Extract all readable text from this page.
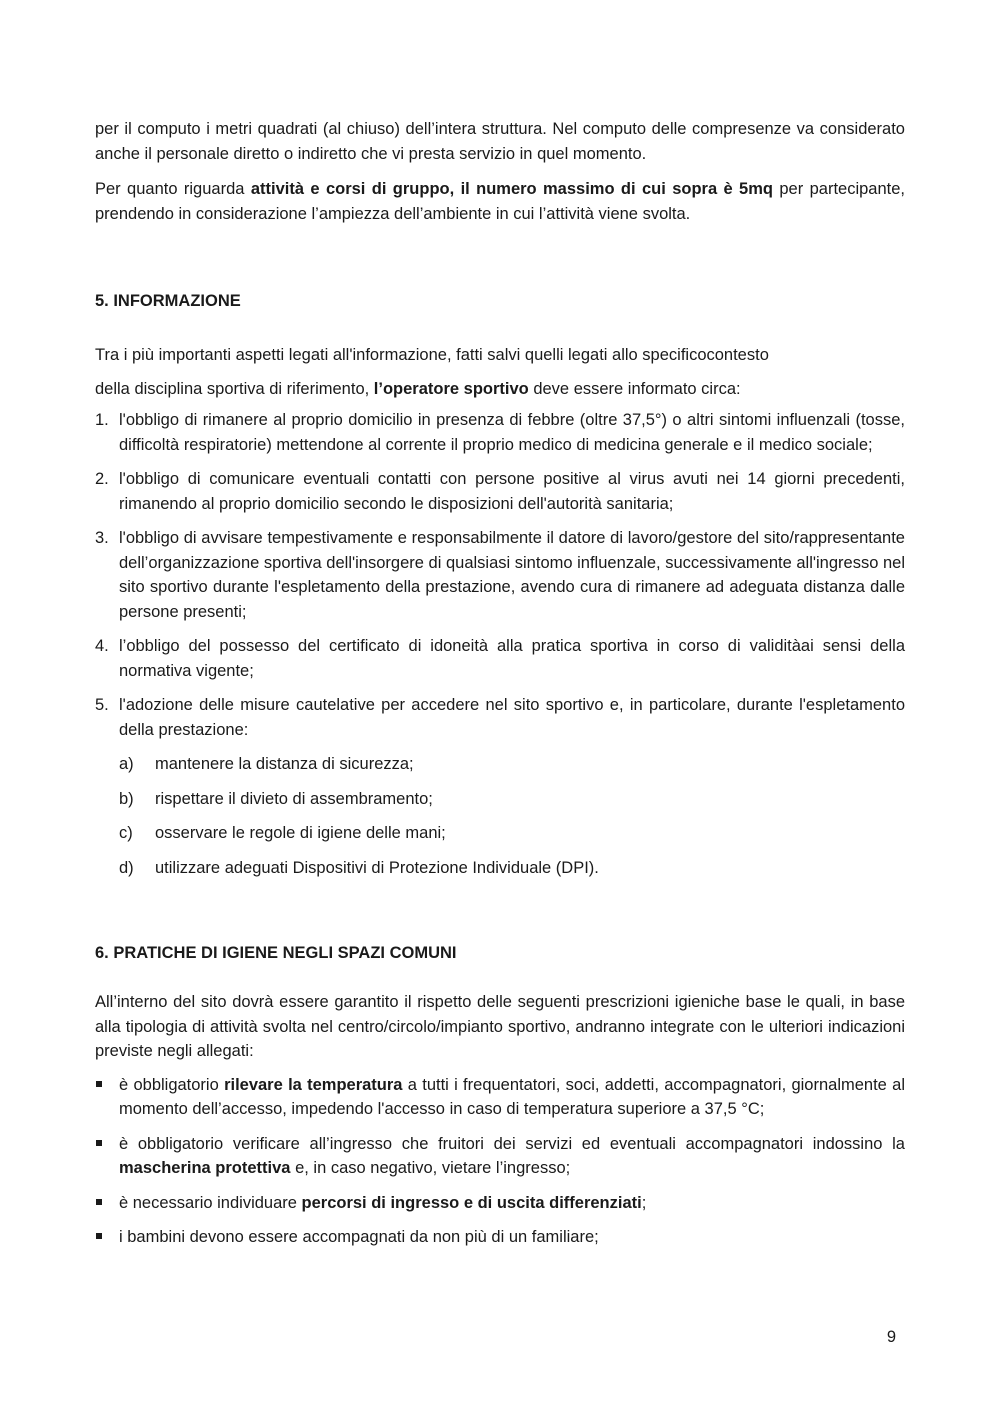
per il computo i metri quadrati (al chiuso) dell’intera struttura. Nel computo delle compresenze va considerato anche il personale diretto o indiretto che vi presta servizio in quel momento.

Per quanto riguarda attività e corsi di gruppo, il numero massimo di cui sopra è 5mq per partecipante, prendendo in considerazione l’ampiezza dell’ambiente in cui l’attività viene svolta.

5. INFORMAZIONE

Tra i più importanti aspetti legati all'informazione, fatti salvi quelli legati allo specificocontesto

della disciplina sportiva di riferimento, l’operatore sportivo deve essere informato circa:

1. l'obbligo di rimanere al proprio domicilio in presenza di febbre (oltre 37,5°) o altri sintomi influenzali (tosse, difficoltà respiratorie) mettendone al corrente il proprio medico di medicina generale e il medico sociale;
2. l'obbligo di comunicare eventuali contatti con persone positive al virus avuti nei 14 giorni precedenti, rimanendo al proprio domicilio secondo le disposizioni dell'autorità sanitaria;
3. l'obbligo di avvisare tempestivamente e responsabilmente il datore di lavoro/gestore del sito/rappresentante dell’organizzazione sportiva dell'insorgere di qualsiasi sintomo influenzale, successivamente all'ingresso nel sito sportivo durante l'espletamento della prestazione, avendo cura di rimanere ad adeguata distanza dalle persone presenti;
4. l’obbligo del possesso del certificato di idoneità alla pratica sportiva in corso di validitàai sensi della normativa vigente;
5. l'adozione delle misure cautelative per accedere nel sito sportivo e, in particolare, durante l'espletamento della prestazione:
a) mantenere la distanza di sicurezza;
b) rispettare il divieto di assembramento;
c) osservare le regole di igiene delle mani;
d) utilizzare adeguati Dispositivi di Protezione Individuale (DPI).
6. PRATICHE DI IGIENE NEGLI SPAZI COMUNI

All’interno del sito dovrà essere garantito il rispetto delle seguenti prescrizioni igieniche base le quali, in base alla tipologia di attività svolta nel centro/circolo/impianto sportivo, andranno integrate con le ulteriori indicazioni previste negli allegati:

è obbligatorio rilevare la temperatura a tutti i frequentatori, soci, addetti, accompagnatori, giornalmente al momento dell’accesso, impedendo l'accesso in caso di temperatura superiore a 37,5 °C;
è obbligatorio verificare all’ingresso che fruitori dei servizi ed eventuali accompagnatori indossino la mascherina protettiva e, in caso negativo, vietare l’ingresso;
è necessario individuare percorsi di ingresso e di uscita differenziati;
i bambini devono essere accompagnati da non più di un familiare;
9
